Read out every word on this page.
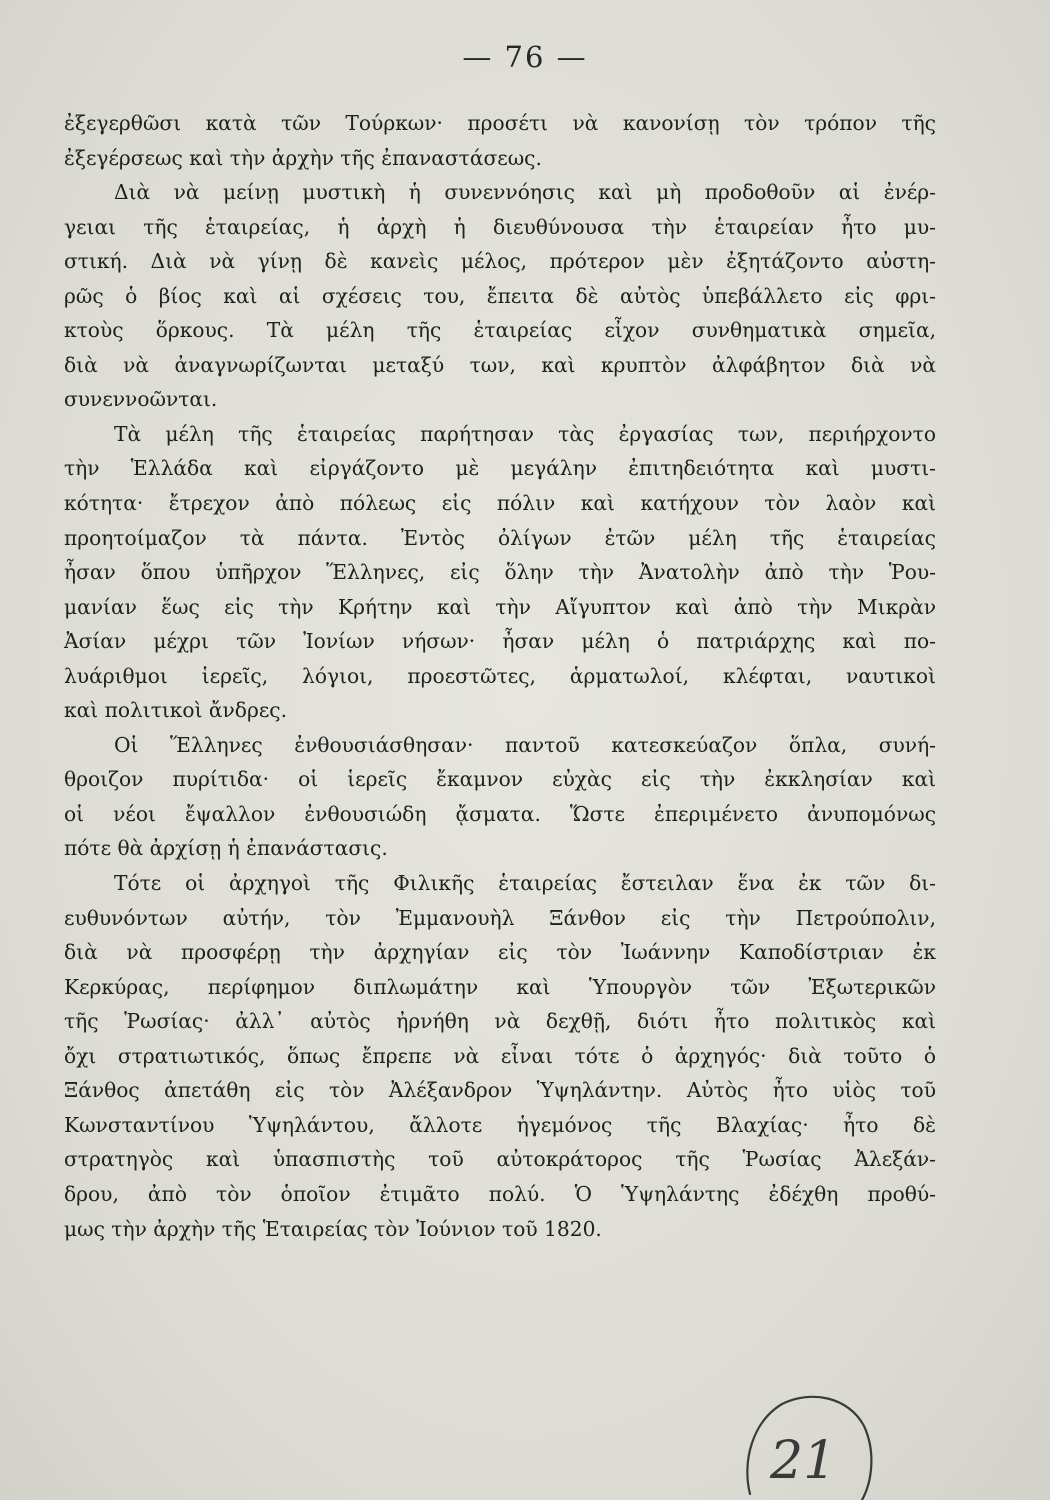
— 76 —
ἐξεγερθῶσι κατὰ τῶν Τούρκων· προσέτι νὰ κανονίσῃ τὸν τρόπον τῆς
ἐξεγέρσεως καὶ τὴν ἀρχὴν τῆς ἐπαναστάσεως.
Διὰ νὰ μείνῃ μυστικὴ ἡ συνεννόησις καὶ μὴ προδοθοῦν αἱ ἐνέρ-
γειαι τῆς ἑταιρείας, ἡ ἀρχὴ ἡ διευθύνουσα τὴν ἑταιρείαν ἦτο μυ-
στική. Διὰ νὰ γίνῃ δὲ κανεὶς μέλος, πρότερον μὲν ἐξητάζοντο αὐστη-
ρῶς ὁ βίος καὶ αἱ σχέσεις του, ἔπειτα δὲ αὐτὸς ὑπεβάλλετο εἰς φρι-
κτοὺς ὅρκους. Τὰ μέλη τῆς ἑταιρείας εἶχον συνθηματικὰ σημεῖα,
διὰ νὰ ἀναγνωρίζωνται μεταξύ των, καὶ κρυπτὸν ἀλφάβητον διὰ νὰ
συνεννοῶνται.
Τὰ μέλη τῆς ἑταιρείας παρήτησαν τὰς ἐργασίας των, περιήρχοντο
τὴν Ἑλλάδα καὶ εἰργάζοντο μὲ μεγάλην ἐπιτηδειότητα καὶ μυστι-
κότητα· ἔτρεχον ἀπὸ πόλεως εἰς πόλιν καὶ κατήχουν τὸν λαὸν καὶ
προητοίμαζον τὰ πάντα. Ἐντὸς ὀλίγων ἐτῶν μέλη τῆς ἑταιρείας
ἦσαν ὅπου ὑπῆρχον Ἕλληνες, εἰς ὅλην τὴν Ἀνατολὴν ἀπὸ τὴν Ῥου-
μανίαν ἕως εἰς τὴν Κρήτην καὶ τὴν Αἴγυπτον καὶ ἀπὸ τὴν Μικρὰν
Ἀσίαν μέχρι τῶν Ἰονίων νήσων· ἦσαν μέλη ὁ πατριάρχης καὶ πο-
λυάριθμοι ἱερεῖς, λόγιοι, προεστῶτες, ἁρματωλοί, κλέφται, ναυτικοὶ
καὶ πολιτικοὶ ἄνδρες.
Οἱ Ἕλληνες ἐνθουσιάσθησαν· παντοῦ κατεσκεύαζον ὅπλα, συνή-
θροιζον πυρίτιδα· οἱ ἱερεῖς ἔκαμνον εὐχὰς εἰς τὴν ἐκκλησίαν καὶ
οἱ νέοι ἔψαλλον ἐνθουσιώδη ᾄσματα. Ὥστε ἐπεριμένετο ἀνυπομόνως
πότε θὰ ἀρχίσῃ ἡ ἐπανάστασις.
Τότε οἱ ἀρχηγοὶ τῆς Φιλικῆς ἑταιρείας ἔστειλαν ἕνα ἐκ τῶν δι-
ευθυνόντων αὐτήν, τὸν Ἐμμανουὴλ Ξάνθον εἰς τὴν Πετρούπολιν,
διὰ νὰ προσφέρῃ τὴν ἀρχηγίαν εἰς τὸν Ἰωάννην Καποδίστριαν ἐκ
Κερκύρας, περίφημον διπλωμάτην καὶ Ὑπουργὸν τῶν Ἐξωτερικῶν
τῆς Ῥωσίας· ἀλλ᾽ αὐτὸς ἠρνήθη νὰ δεχθῇ, διότι ἦτο πολιτικὸς καὶ
ὄχι στρατιωτικός, ὅπως ἔπρεπε νὰ εἶναι τότε ὁ ἀρχηγός· διὰ τοῦτο ὁ
Ξάνθος ἀπετάθη εἰς τὸν Ἀλέξανδρον Ὑψηλάντην. Αὐτὸς ἦτο υἱὸς τοῦ
Κωνσταντίνου Ὑψηλάντου, ἄλλοτε ἡγεμόνος τῆς Βλαχίας· ἦτο δὲ
στρατηγὸς καὶ ὑπασπιστὴς τοῦ αὐτοκράτορος τῆς Ῥωσίας Ἀλεξάν-
δρου, ἀπὸ τὸν ὁποῖον ἐτιμᾶτο πολύ. Ὁ Ὑψηλάντης ἐδέχθη προθύ-
μως τὴν ἀρχὴν τῆς Ἑταιρείας τὸν Ἰούνιον τοῦ 1820.
21
